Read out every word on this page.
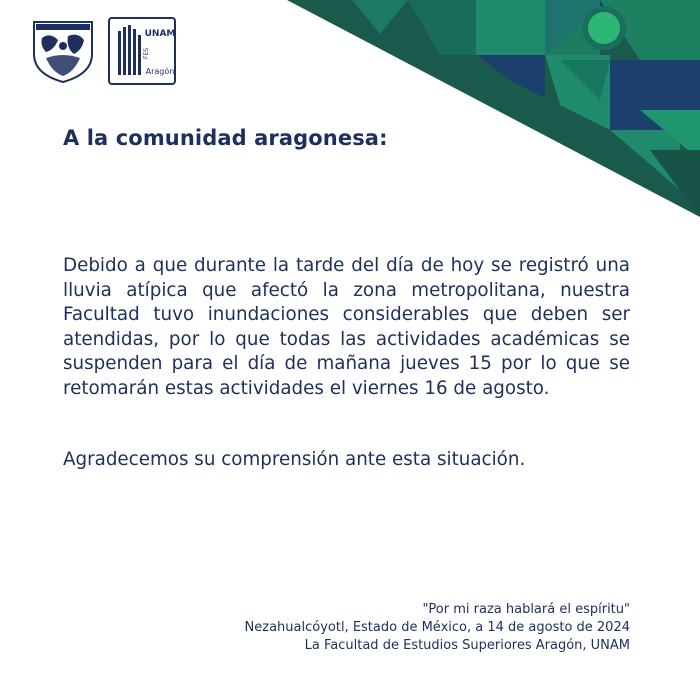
UNAM
FES
Aragón
A la comunidad aragonesa:

Debido a que durante la tarde del día de hoy se registró una lluvia atípica que afectó la zona metropolitana, nuestra Facultad tuvo inundaciones considerables que deben ser atendidas, por lo que todas las actividades académicas se suspenden para el día de mañana jueves 15 por lo que se retomarán estas actividades el viernes 16 de agosto.

Agradecemos su comprensión ante esta situación.

"Por mi raza hablará el espíritu"
Nezahualcóyotl, Estado de México, a 14 de agosto de 2024
La Facultad de Estudios Superiores Aragón, UNAM
